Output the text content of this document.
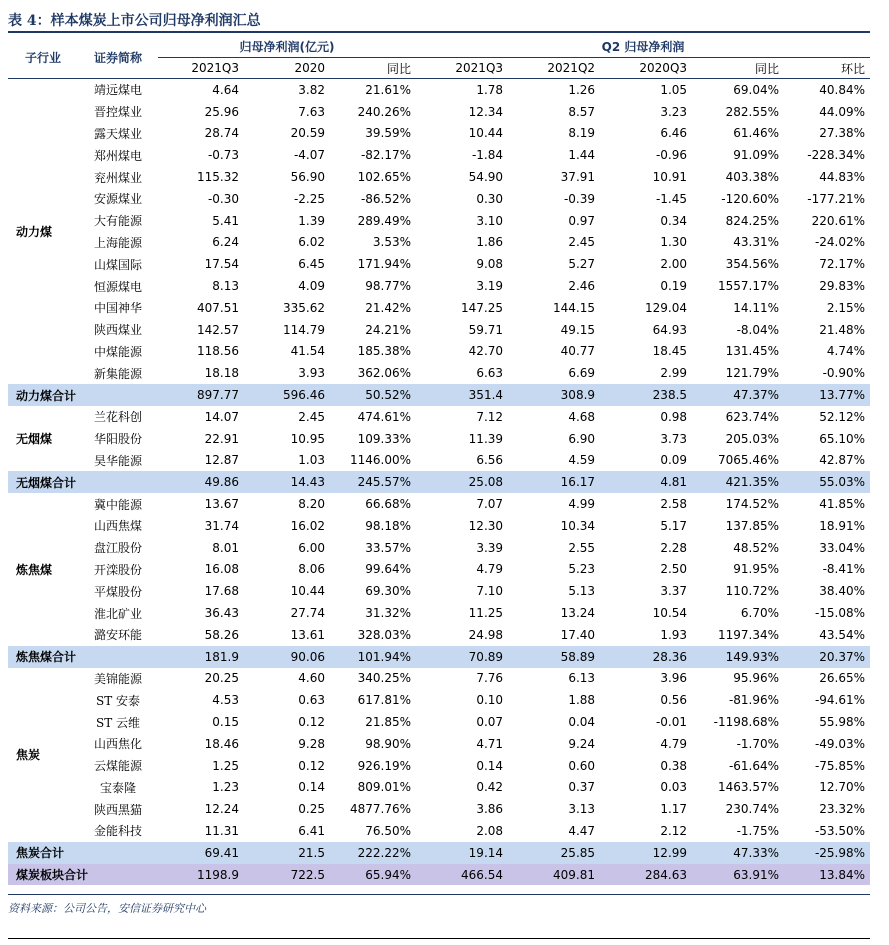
表 4：样本煤炭上市公司归母净利润汇总
子行业	证券简称	归母净利润(亿元)			Q2 归母净利润				
		2021Q3	2020	同比	2021Q3	2021Q2	2020Q3	同比	环比
动力煤	靖远煤电	4.64	3.82	21.61%	1.78	1.26	1.05	69.04%	40.84%
	晋控煤业	25.96	7.63	240.26%	12.34	8.57	3.23	282.55%	44.09%
	露天煤业	28.74	20.59	39.59%	10.44	8.19	6.46	61.46%	27.38%
	郑州煤电	-0.73	-4.07	-82.17%	-1.84	1.44	-0.96	91.09%	-228.34%
	兖州煤业	115.32	56.90	102.65%	54.90	37.91	10.91	403.38%	44.83%
	安源煤业	-0.30	-2.25	-86.52%	0.30	-0.39	-1.45	-120.60%	-177.21%
	大有能源	5.41	1.39	289.49%	3.10	0.97	0.34	824.25%	220.61%
	上海能源	6.24	6.02	3.53%	1.86	2.45	1.30	43.31%	-24.02%
	山煤国际	17.54	6.45	171.94%	9.08	5.27	2.00	354.56%	72.17%
	恒源煤电	8.13	4.09	98.77%	3.19	2.46	0.19	1557.17%	29.83%
	中国神华	407.51	335.62	21.42%	147.25	144.15	129.04	14.11%	2.15%
	陕西煤业	142.57	114.79	24.21%	59.71	49.15	64.93	-8.04%	21.48%
	中煤能源	118.56	41.54	185.38%	42.70	40.77	18.45	131.45%	4.74%
	新集能源	18.18	3.93	362.06%	6.63	6.69	2.99	121.79%	-0.90%
动力煤合计		897.77	596.46	50.52%	351.4	308.9	238.5	47.37%	13.77%
无烟煤	兰花科创	14.07	2.45	474.61%	7.12	4.68	0.98	623.74%	52.12%
	华阳股份	22.91	10.95	109.33%	11.39	6.90	3.73	205.03%	65.10%
	昊华能源	12.87	1.03	1146.00%	6.56	4.59	0.09	7065.46%	42.87%
无烟煤合计		49.86	14.43	245.57%	25.08	16.17	4.81	421.35%	55.03%
炼焦煤	冀中能源	13.67	8.20	66.68%	7.07	4.99	2.58	174.52%	41.85%
	山西焦煤	31.74	16.02	98.18%	12.30	10.34	5.17	137.85%	18.91%
	盘江股份	8.01	6.00	33.57%	3.39	2.55	2.28	48.52%	33.04%
	开滦股份	16.08	8.06	99.64%	4.79	5.23	2.50	91.95%	-8.41%
	平煤股份	17.68	10.44	69.30%	7.10	5.13	3.37	110.72%	38.40%
	淮北矿业	36.43	27.74	31.32%	11.25	13.24	10.54	6.70%	-15.08%
	潞安环能	58.26	13.61	328.03%	24.98	17.40	1.93	1197.34%	43.54%
炼焦煤合计		181.9	90.06	101.94%	70.89	58.89	28.36	149.93%	20.37%
焦炭	美锦能源	20.25	4.60	340.25%	7.76	6.13	3.96	95.96%	26.65%
	ST 安泰	4.53	0.63	617.81%	0.10	1.88	0.56	-81.96%	-94.61%
	ST 云维	0.15	0.12	21.85%	0.07	0.04	-0.01	-1198.68%	55.98%
	山西焦化	18.46	9.28	98.90%	4.71	9.24	4.79	-1.70%	-49.03%
	云煤能源	1.25	0.12	926.19%	0.14	0.60	0.38	-61.64%	-75.85%
	宝泰隆	1.23	0.14	809.01%	0.42	0.37	0.03	1463.57%	12.70%
	陕西黑猫	12.24	0.25	4877.76%	3.86	3.13	1.17	230.74%	23.32%
	金能科技	11.31	6.41	76.50%	2.08	4.47	2.12	-1.75%	-53.50%
焦炭合计		69.41	21.5	222.22%	19.14	25.85	12.99	47.33%	-25.98%
煤炭板块合计		1198.9	722.5	65.94%	466.54	409.81	284.63	63.91%	13.84%
资料来源：公司公告，安信证券研究中心
